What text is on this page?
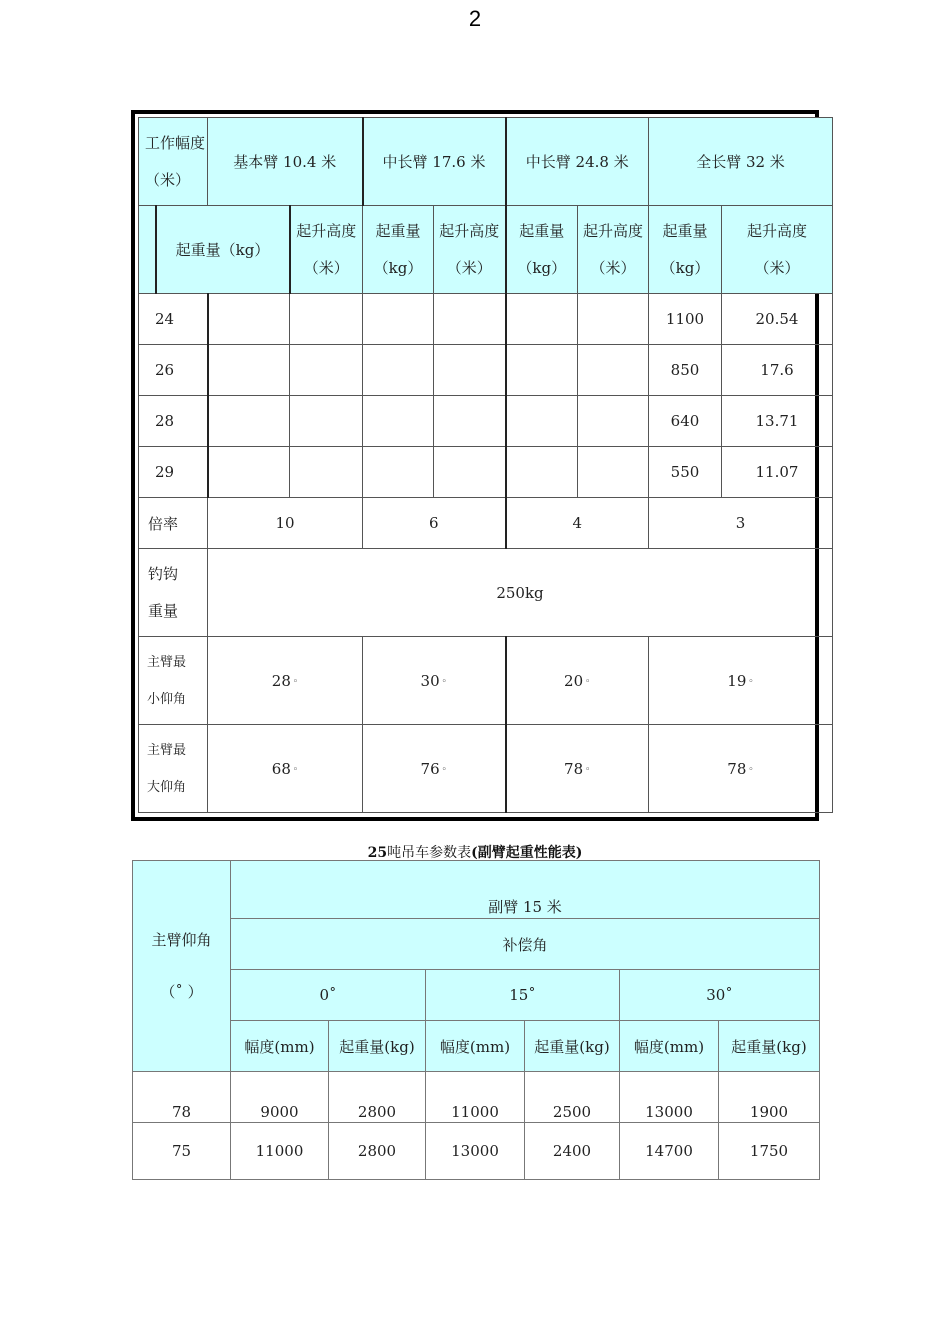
2
工作幅度（米）		基本臂 10.4 米		中长臂 17.6 米		中长臂 24.8 米		全长臂 32 米	
	起重量（kg）		起升高度（米）	起重量（kg）	起升高度（米）	起重量（kg）	起升高度（米）	起重量（kg）	起升高度（米）

24								1100	20.54
26								850	17.6
28								640	13.71
29								550	11.07
倍率		10		6		4		3	

钓钩
重量		250kg							
主臂最
小仰角		28 ◦		30 ◦		20 ◦		19 ◦	
主臂最
大仰角		68 ◦		76 ◦		78 ◦		78 ◦	
25吨吊车参数表(副臂起重性能表)
主臂仰角
（˚ ）	副臂 15 米					
	补偿角					
	0˚		15˚		30˚	
	幅度(mm)	起重量(kg)	幅度(mm)	起重量(kg)	幅度(mm)	起重量(kg)
78	9000	2800	11000	2500	13000	1900
75	11000	2800	13000	2400	14700	1750
